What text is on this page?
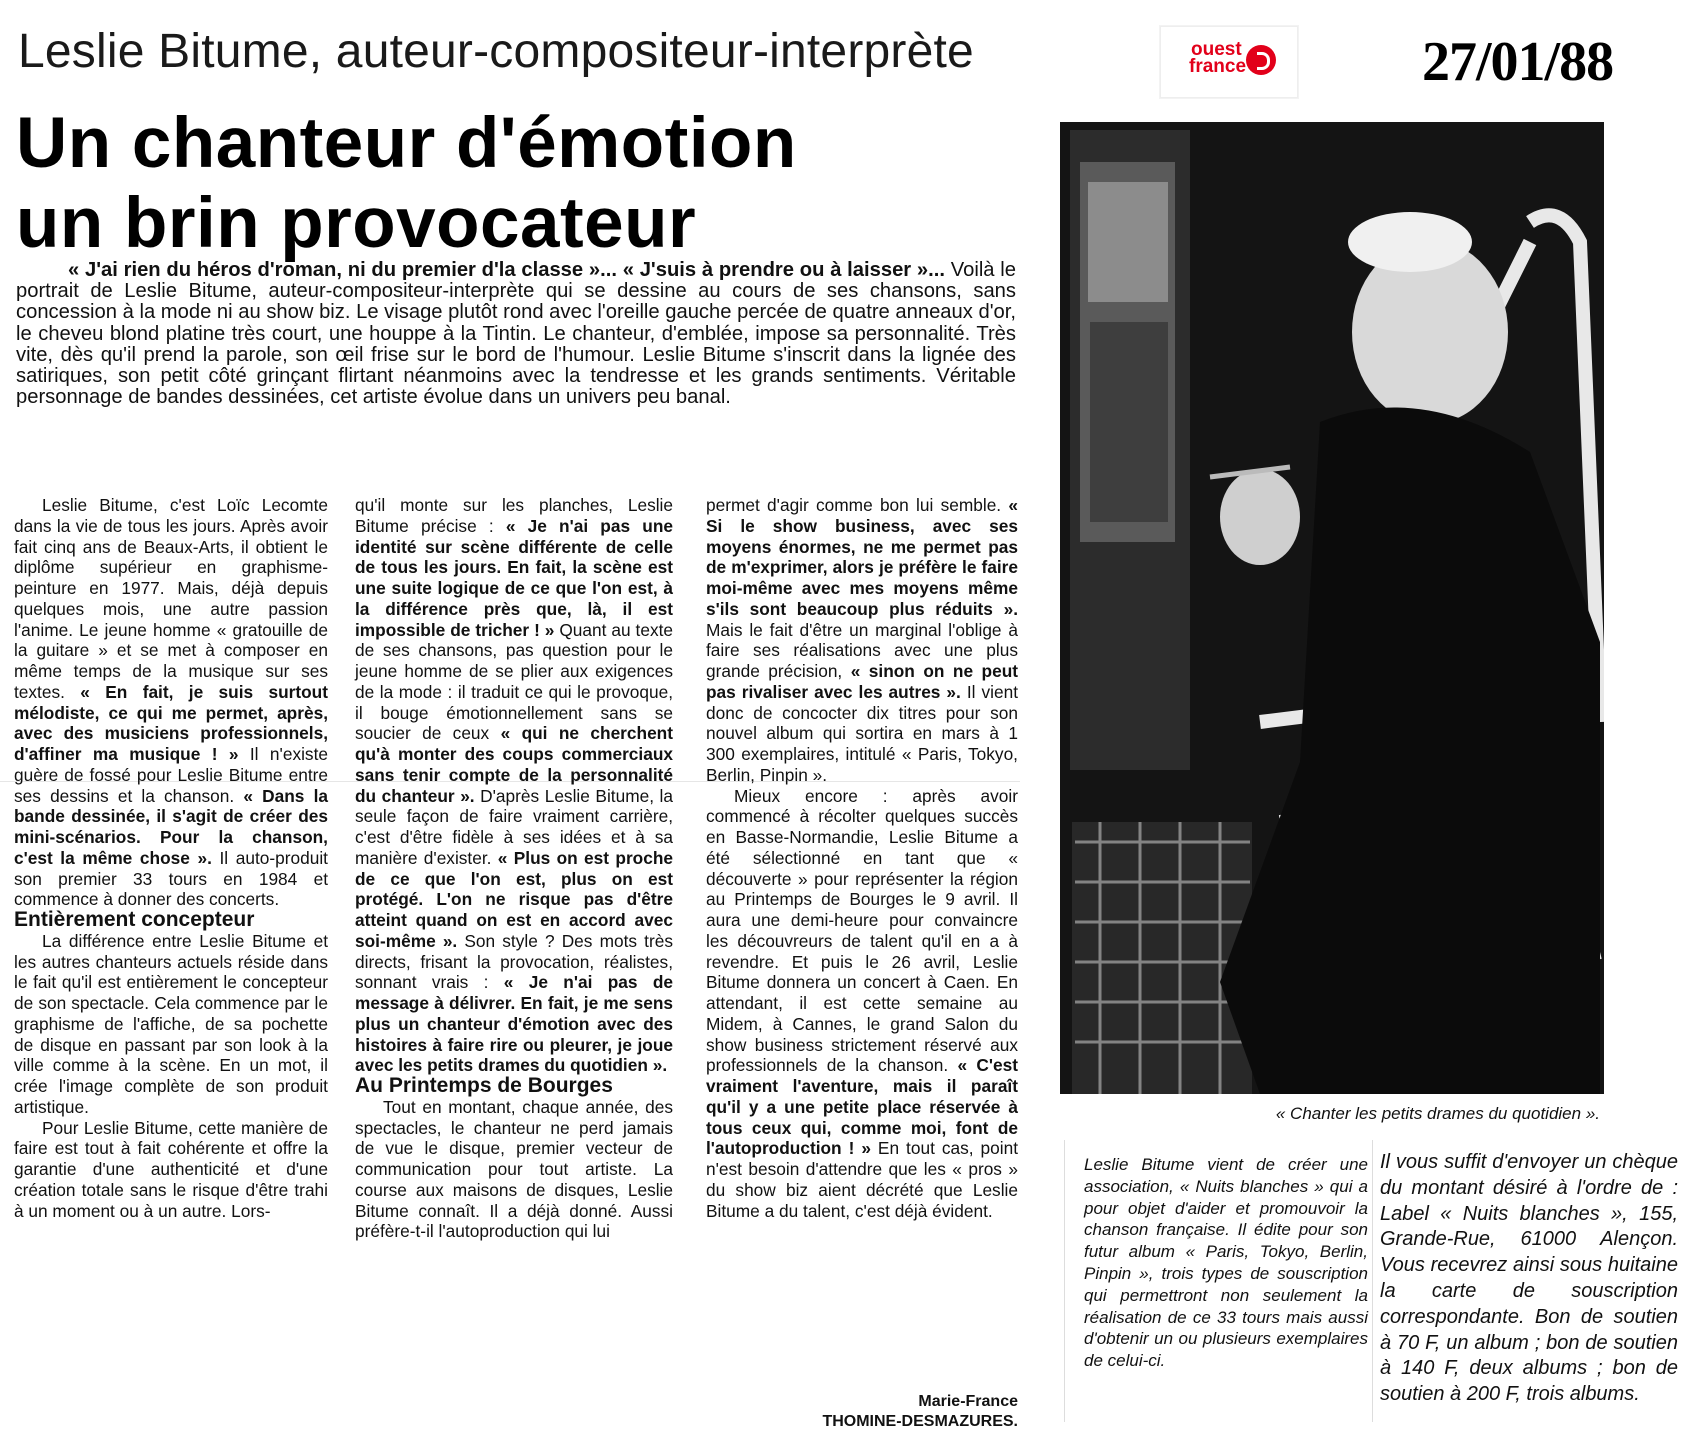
Leslie Bitume, auteur-compositeur-interprète	ouest
france	27/01/88
Un chanteur d'émotion
un brin provocateur
« J'ai rien du héros d'roman, ni du premier d'la classe »... « J'suis à prendre ou à laisser »... Voilà le portrait de Leslie Bitume, auteur-compositeur-interprète qui se dessine au cours de ses chansons, sans concession à la mode ni au show biz. Le visage plutôt rond avec l'oreille gauche percée de quatre anneaux d'or, le cheveu blond platine très court, une houppe à la Tintin. Le chanteur, d'emblée, impose sa personnalité. Très vite, dès qu'il prend la parole, son œil frise sur le bord de l'humour. Leslie Bitume s'inscrit dans la lignée des satiriques, son petit côté grinçant flirtant néanmoins avec la tendresse et les grands sentiments. Véritable personnage de bandes dessinées, cet artiste évolue dans un univers peu banal.

Leslie Bitume, c'est Loïc Lecomte dans la vie de tous les jours. Après avoir fait cinq ans de Beaux-Arts, il obtient le diplôme supérieur en graphisme-peinture en 1977. Mais, déjà depuis quelques mois, une autre passion l'anime. Le jeune homme « gratouille de la guitare » et se met à composer en même temps de la musique sur ses textes. « En fait, je suis surtout mélodiste, ce qui me permet, après, avec des musiciens professionnels, d'affiner ma musique ! » Il n'existe guère de fossé pour Leslie Bitume entre ses dessins et la chanson. « Dans la bande dessinée, il s'agit de créer des mini-scénarios. Pour la chanson, c'est la même chose ». Il auto-produit son premier 33 tours en 1984 et commence à donner des concerts.

Entièrement concepteur

La différence entre Leslie Bitume et les autres chanteurs actuels réside dans le fait qu'il est entièrement le concepteur de son spectacle. Cela commence par le graphisme de l'affiche, de sa pochette de disque en passant par son look à la ville comme à la scène. En un mot, il crée l'image complète de son produit artistique.

Pour Leslie Bitume, cette manière de faire est tout à fait cohérente et offre la garantie d'une authenticité et d'une création totale sans le risque d'être trahi à un moment ou à un autre. Lors-

qu'il monte sur les planches, Leslie Bitume précise : « Je n'ai pas une identité sur scène différente de celle de tous les jours. En fait, la scène est une suite logique de ce que l'on est, à la différence près que, là, il est impossible de tricher ! » Quant au texte de ses chansons, pas question pour le jeune homme de se plier aux exigences de la mode : il traduit ce qui le provoque, il bouge émotionnellement sans se soucier de ceux « qui ne cherchent qu'à monter des coups commerciaux sans tenir compte de la personnalité du chanteur ». D'après Leslie Bitume, la seule façon de faire vraiment carrière, c'est d'être fidèle à ses idées et à sa manière d'exister. « Plus on est proche de ce que l'on est, plus on est protégé. L'on ne risque pas d'être atteint quand on est en accord avec soi-même ». Son style ? Des mots très directs, frisant la provocation, réalistes, sonnant vrais : « Je n'ai pas de message à délivrer. En fait, je me sens plus un chanteur d'émotion avec des histoires à faire rire ou pleurer, je joue avec les petits drames du quotidien ».

Au Printemps de Bourges

Tout en montant, chaque année, des spectacles, le chanteur ne perd jamais de vue le disque, premier vecteur de communication pour tout artiste. La course aux maisons de disques, Leslie Bitume connaît. Il a déjà donné. Aussi préfère-t-il l'autoproduction qui lui

permet d'agir comme bon lui semble. « Si le show business, avec ses moyens énormes, ne me permet pas de m'exprimer, alors je préfère le faire moi-même avec mes moyens même s'ils sont beaucoup plus réduits ». Mais le fait d'être un marginal l'oblige à faire ses réalisations avec une plus grande précision, « sinon on ne peut pas rivaliser avec les autres ». Il vient donc de concocter dix titres pour son nouvel album qui sortira en mars à 1 300 exemplaires, intitulé « Paris, Tokyo, Berlin, Pinpin ».

Mieux encore : après avoir commencé à récolter quelques succès en Basse-Normandie, Leslie Bitume a été sélectionné en tant que « découverte » pour représenter la région au Printemps de Bourges le 9 avril. Il aura une demi-heure pour convaincre les découvreurs de talent qu'il en a à revendre. Et puis le 26 avril, Leslie Bitume donnera un concert à Caen. En attendant, il est cette semaine au Midem, à Cannes, le grand Salon du show business strictement réservé aux professionnels de la chanson. « C'est vraiment l'aventure, mais il paraît qu'il y a une petite place réservée à tous ceux qui, comme moi, font de l'autoproduction ! » En tout cas, point n'est besoin d'attendre que les « pros » du show biz aient décrété que Leslie Bitume a du talent, c'est déjà évident.

Marie-France
THOMINE-DESMAZURES.
« Chanter les petits drames du quotidien ».
Leslie Bitume vient de créer une association, « Nuits blanches » qui a pour objet d'aider et promouvoir la chanson française. Il édite pour son futur album « Paris, Tokyo, Berlin, Pinpin », trois types de souscription qui permettront non seulement la réalisation de ce 33 tours mais aussi d'obtenir un ou plusieurs exemplaires de celui-ci.
Il vous suffit d'envoyer un chèque du montant désiré à l'ordre de : Label « Nuits blanches », 155, Grande-Rue, 61000 Alençon. Vous recevrez ainsi sous huitaine la carte de souscription correspondante. Bon de soutien à 70 F, un album ; bon de soutien à 140 F, deux albums ; bon de soutien à 200 F, trois albums.
